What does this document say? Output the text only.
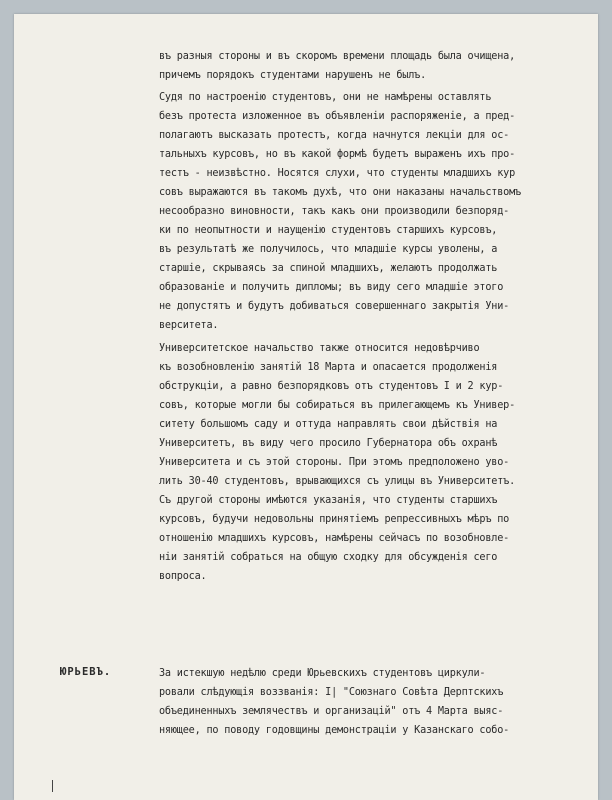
въ разныя стороны и въ скоромъ времени площадь была очищена,
причемъ порядокъ студентами нарушенъ не былъ.
Судя по настроенію студентовъ, они не намѣрены оставлять
безъ протеста изложенное въ объявленіи распоряженіе, а пред-
полагаютъ высказать протестъ, когда начнутся лекціи для ос-
тальныхъ курсовъ, но въ какой формѣ будетъ выраженъ ихъ про-
тестъ - неизвѣстно. Носятся слухи, что студенты младшихъ кур
совъ выражаются въ такомъ духѣ, что они наказаны начальствомъ
несообразно виновности, такъ какъ они производили безпоряд-
ки по неопытности и наущенію студентовъ старшихъ курсовъ,
въ результатѣ же получилось, что младшіе курсы уволены, а
старшіе, скрываясь за спиной младшихъ, желаютъ продолжать
образованіе и получить дипломы; въ виду сего младшіе этого
не допустятъ и будутъ добиваться совершеннаго закрытія Уни-
верситета.
Университетское начальство также относится недовѣрчиво
къ возобновленію занятій 18 Марта и опасается продолженія
обструкціи, а равно безпорядковъ отъ студентовъ I и 2 кур-
совъ, которые могли бы собираться въ прилегающемъ къ Универ-
ситету большомъ саду и оттуда направлять свои дѣйствія на
Университетъ, въ виду чего просило Губернатора объ охранѣ
Университета и съ этой стороны. При этомъ предположено уво-
лить 30-40 студентовъ, врывающихся съ улицы въ Университетъ.
Съ другой стороны имѣются указанія, что студенты старшихъ
курсовъ, будучи недовольны принятіемъ репрессивныхъ мѣръ по
отношенію младшихъ курсовъ, намѣрены сейчасъ по возобновле-
ніи занятій собраться на общую сходку для обсужденія сего
вопроса.
ЮРЬЕВЪ.	За истекшую недѣлю среди Юрьевскихъ студентовъ циркули-
ровали слѣдующія воззванія: I| "Союзнаго Совѣта Дерптскихъ
объединенныхъ землячествъ и организацій" отъ 4 Марта выяс-
няющее, по поводу годовщины демонстраціи у Казанскаго собо-
